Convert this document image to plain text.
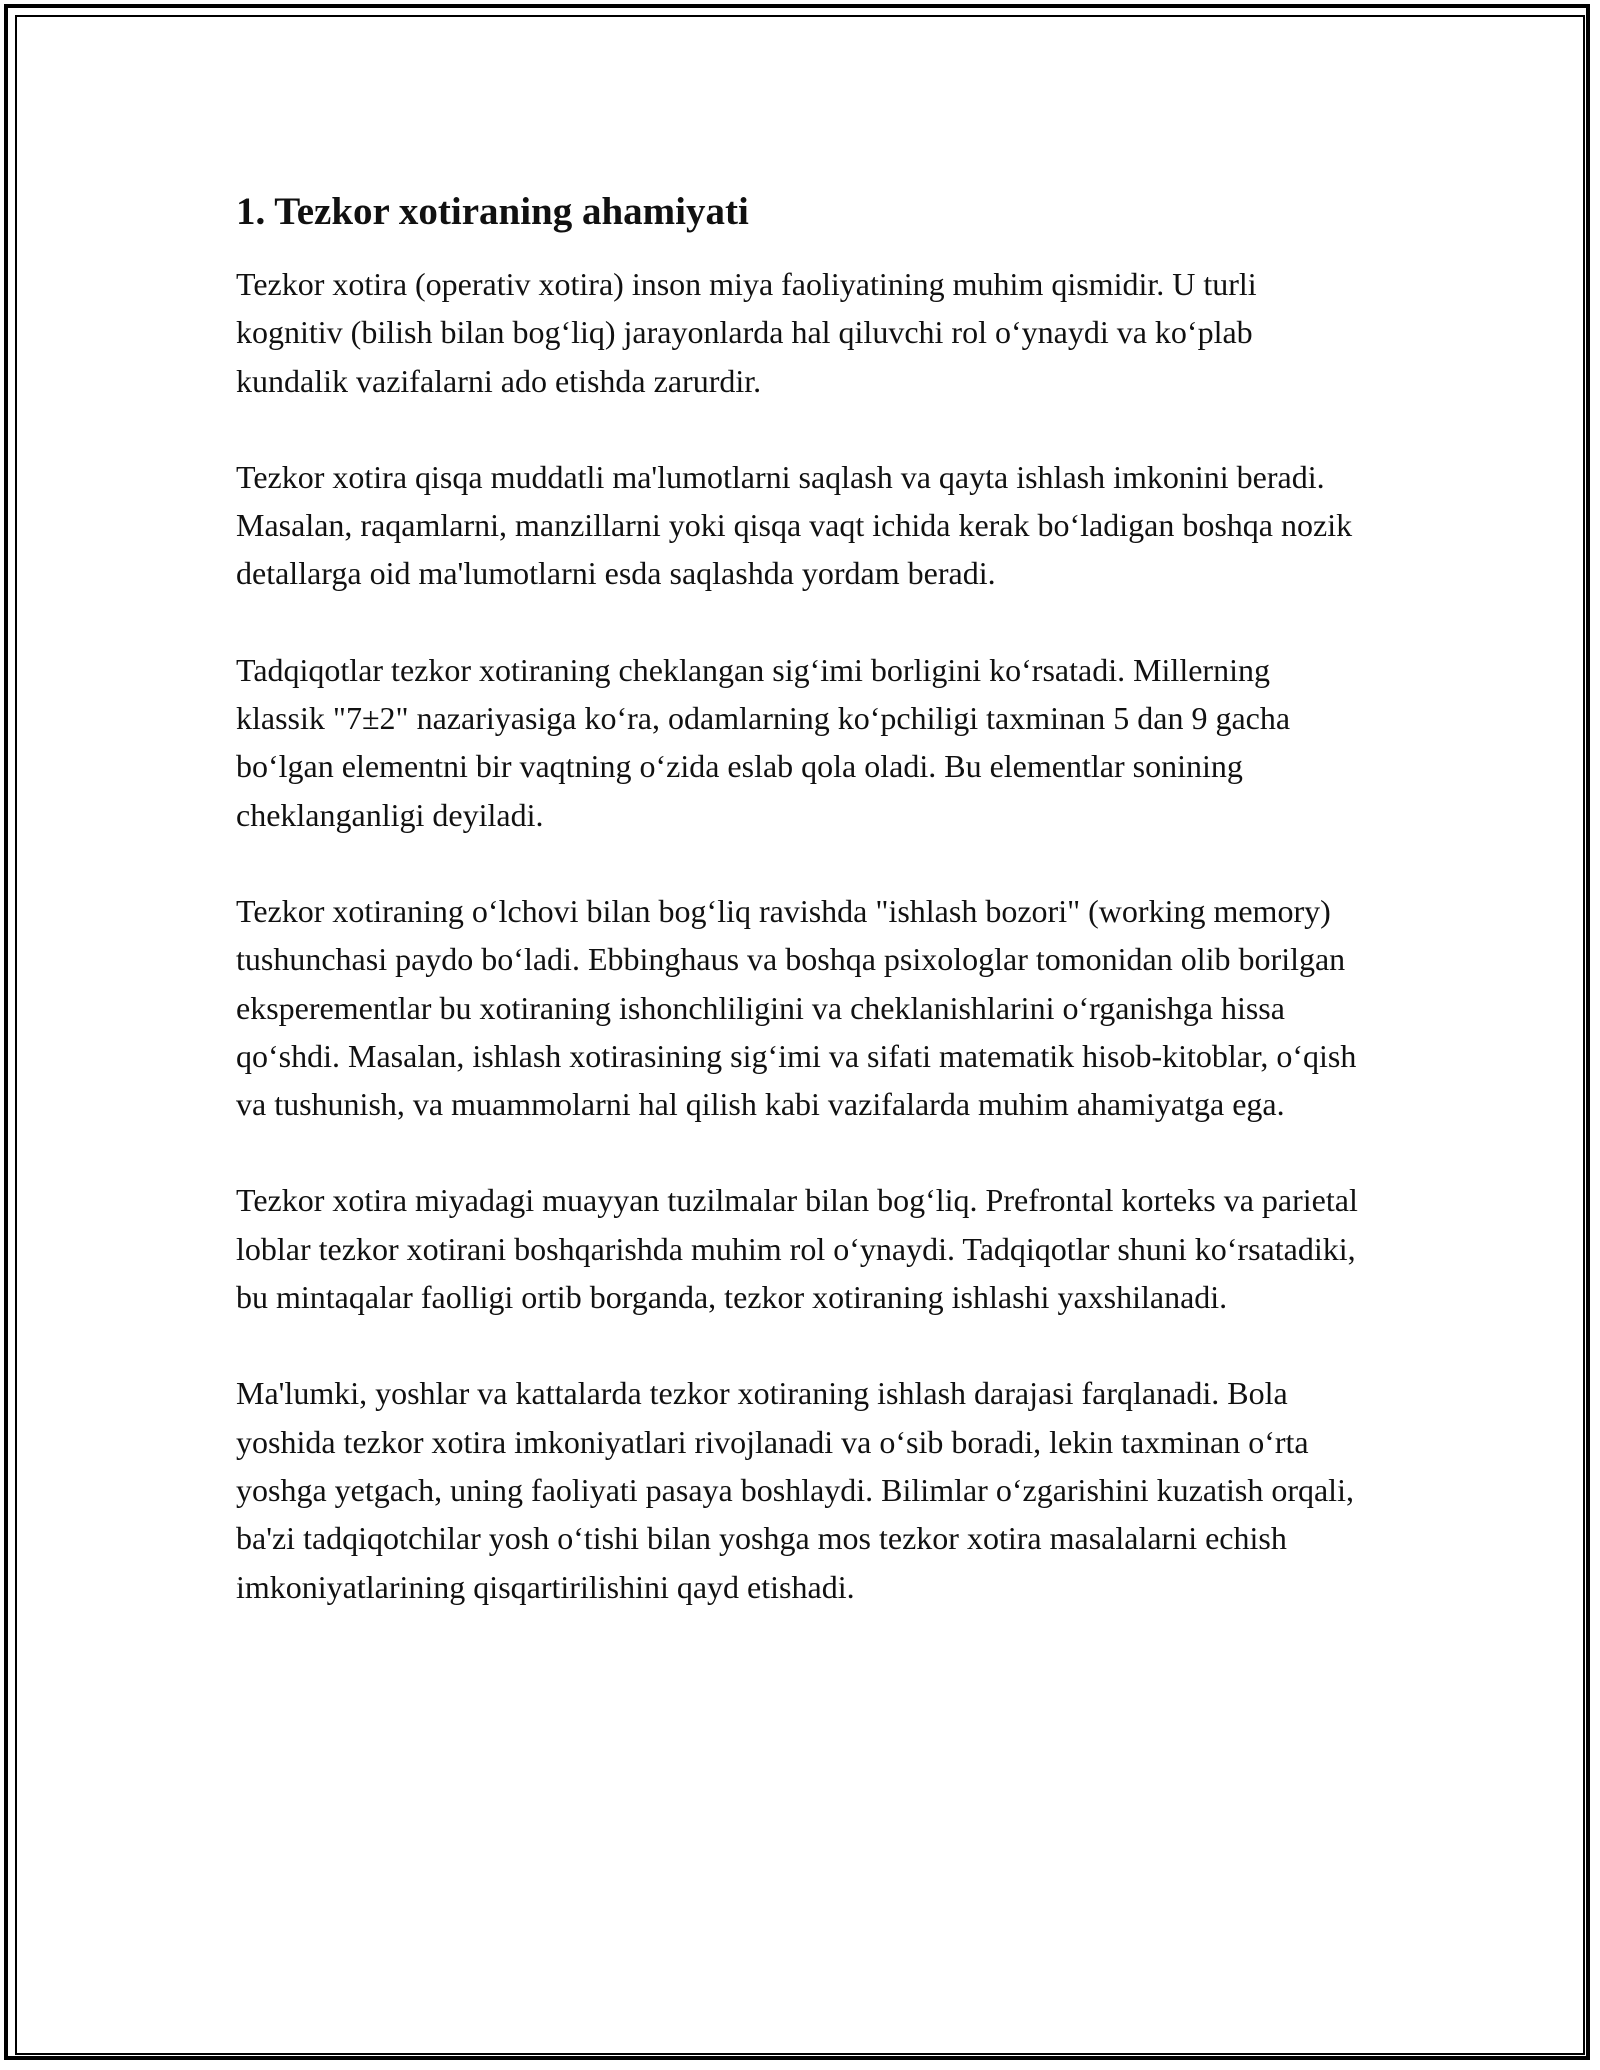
1. Tezkor xotiraning ahamiyati

Tezkor xotira (operativ xotira) inson miya faoliyatining muhim qismidir. U turli kognitiv (bilish bilan bog‘liq) jarayonlarda hal qiluvchi rol o‘ynaydi va ko‘plab kundalik vazifalarni ado etishda zarurdir.

Tezkor xotira qisqa muddatli ma'lumotlarni saqlash va qayta ishlash imkonini beradi. Masalan, raqamlarni, manzillarni yoki qisqa vaqt ichida kerak bo‘ladigan boshqa nozik detallarga oid ma'lumotlarni esda saqlashda yordam beradi.

Tadqiqotlar tezkor xotiraning cheklangan sig‘imi borligini ko‘rsatadi. Millerning klassik "7±2" nazariyasiga ko‘ra, odamlarning ko‘pchiligi taxminan 5 dan 9 gacha bo‘lgan elementni bir vaqtning o‘zida eslab qola oladi. Bu elementlar sonining cheklanganligi deyiladi.

Tezkor xotiraning o‘lchovi bilan bog‘liq ravishda "ishlash bozori" (working memory) tushunchasi paydo bo‘ladi. Ebbinghaus va boshqa psixologlar tomonidan olib borilgan eksperementlar bu xotiraning ishonchliligini va cheklanishlarini o‘rganishga hissa qo‘shdi. Masalan, ishlash xotirasining sig‘imi va sifati matematik hisob-kitoblar, o‘qish va tushunish, va muammolarni hal qilish kabi vazifalarda muhim ahamiyatga ega.

Tezkor xotira miyadagi muayyan tuzilmalar bilan bog‘liq. Prefrontal korteks va parietal loblar tezkor xotirani boshqarishda muhim rol o‘ynaydi. Tadqiqotlar shuni ko‘rsatadiki, bu mintaqalar faolligi ortib borganda, tezkor xotiraning ishlashi yaxshilanadi.

Ma'lumki, yoshlar va kattalarda tezkor xotiraning ishlash darajasi farqlanadi. Bola yoshida tezkor xotira imkoniyatlari rivojlanadi va o‘sib boradi, lekin taxminan o‘rta yoshga yetgach, uning faoliyati pasaya boshlaydi. Bilimlar o‘zgarishini kuzatish orqali, ba'zi tadqiqotchilar yosh o‘tishi bilan yoshga mos tezkor xotira masalalarni echish imkoniyatlarining qisqartirilishini qayd etishadi.
